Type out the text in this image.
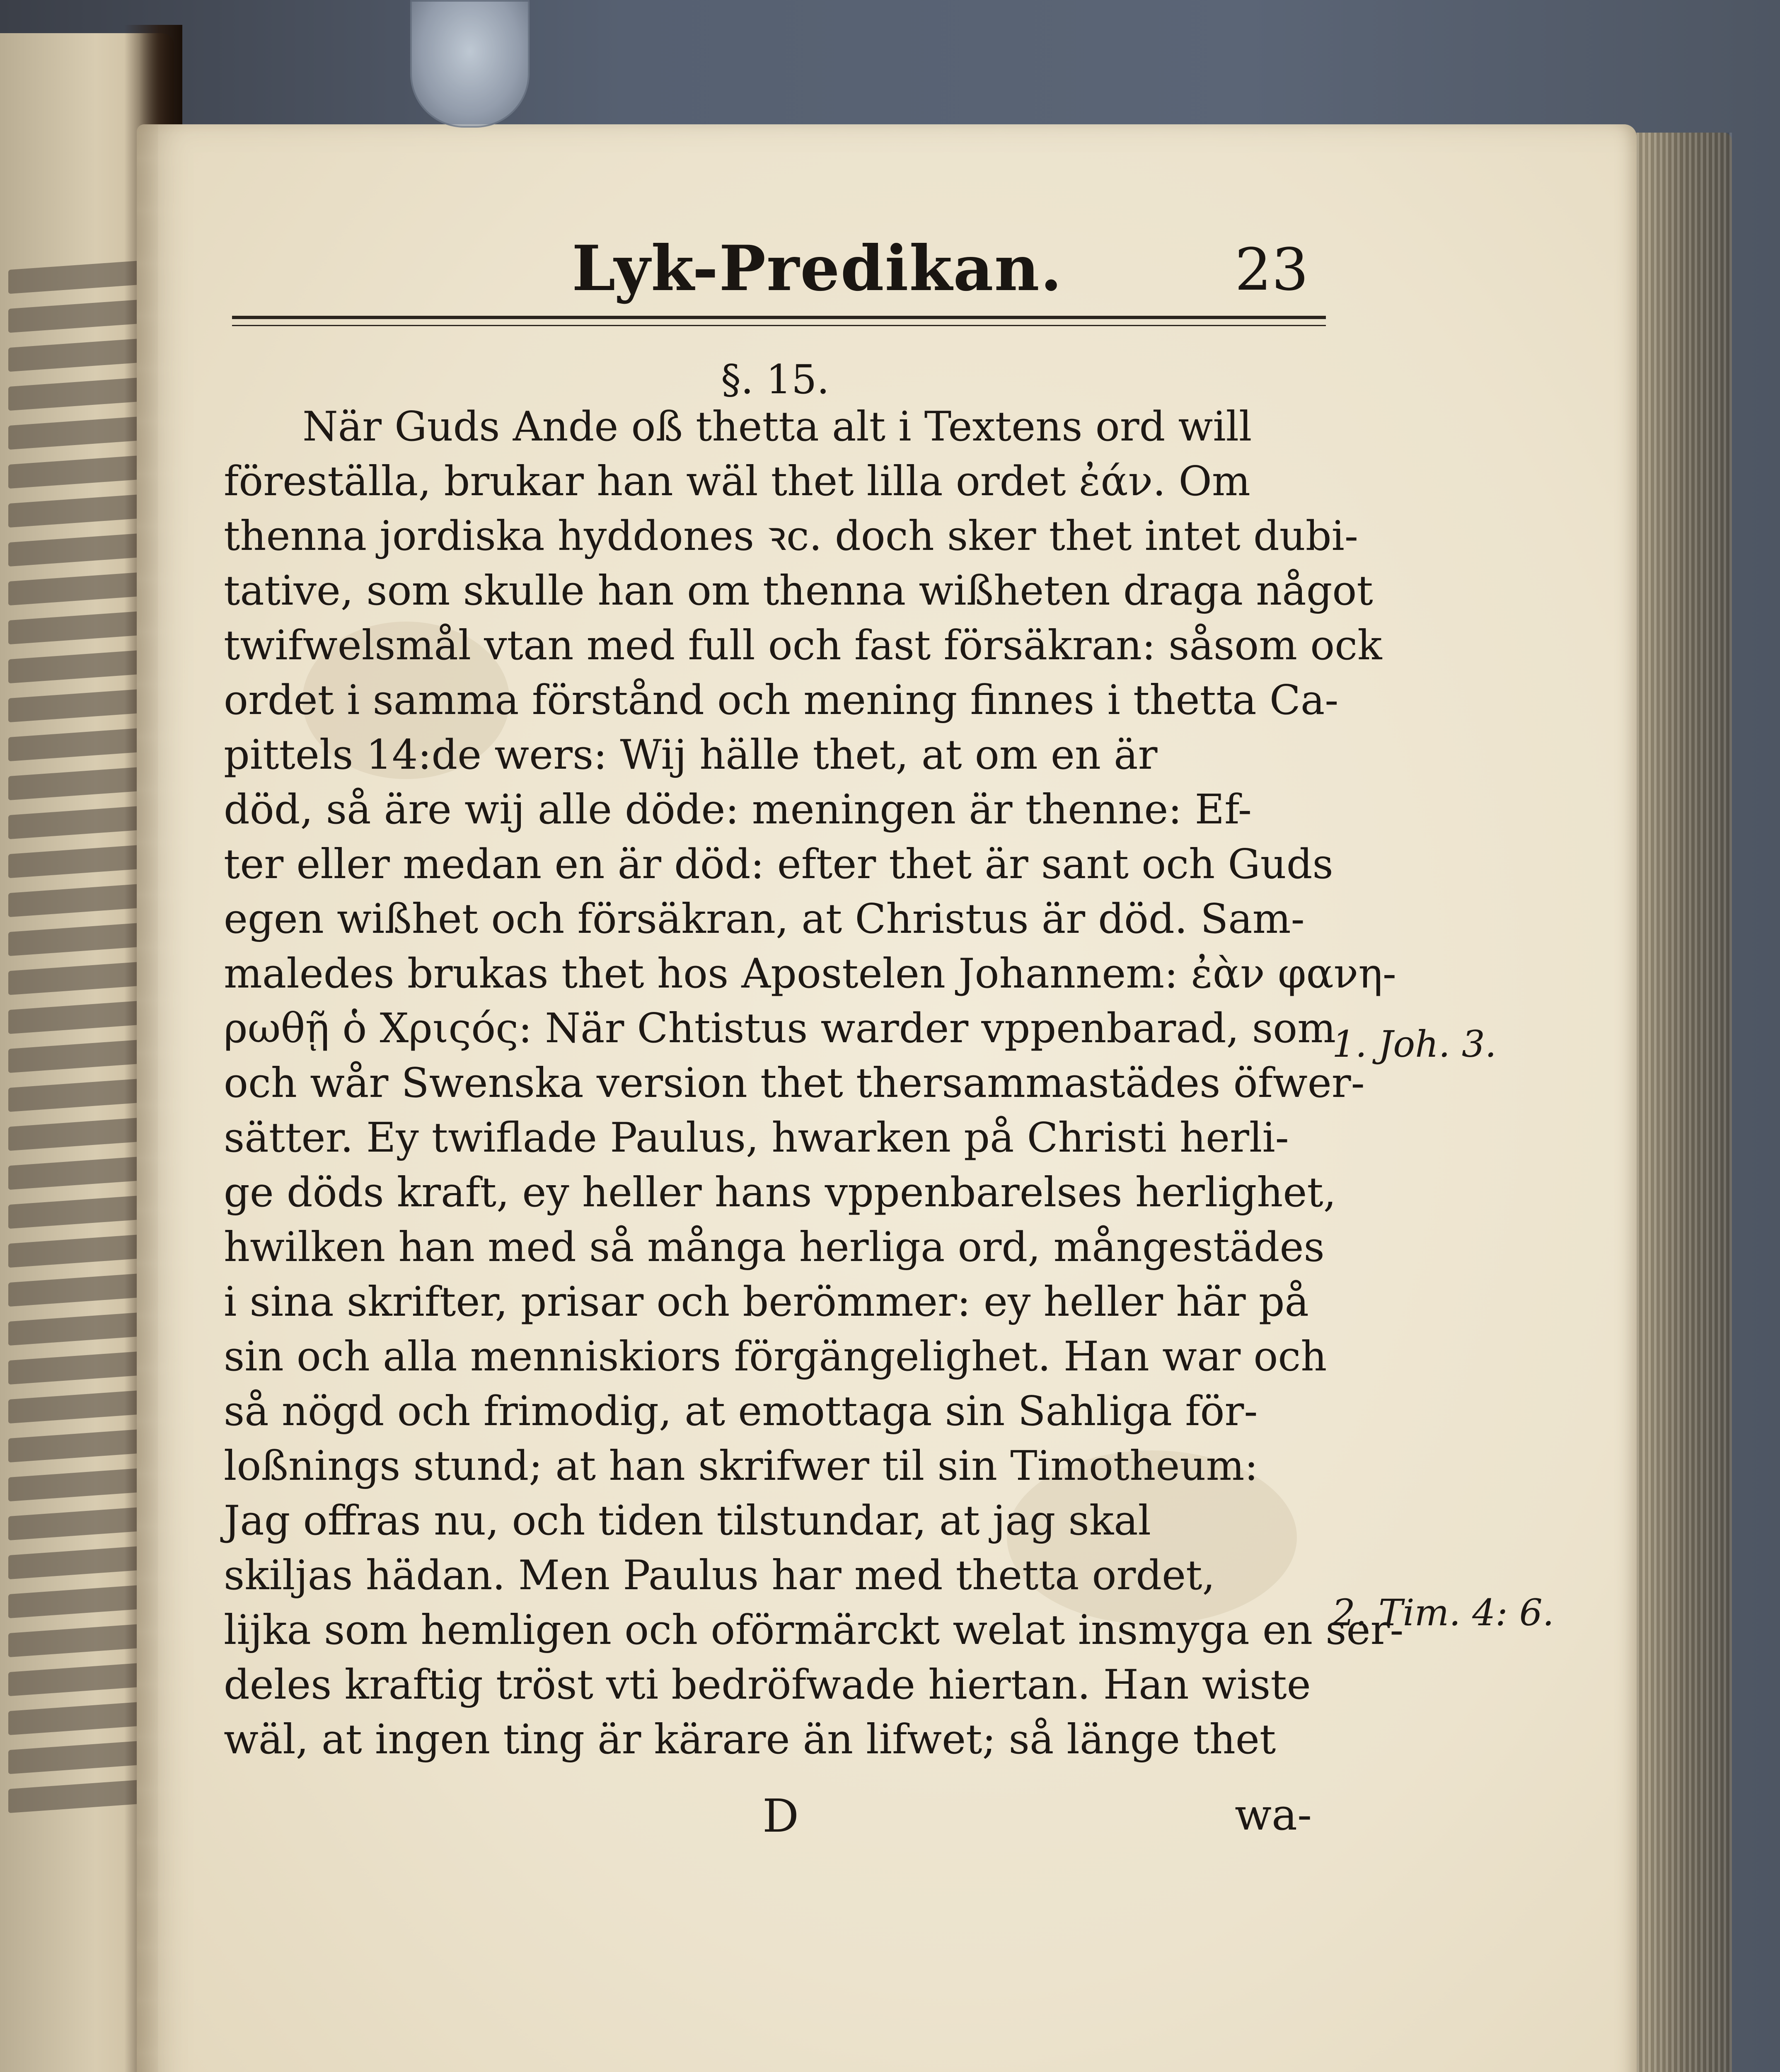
Lyk-Predikan.	23
§. 15.
När Guds Ande oß thetta alt i Textens ord will
föreställa, brukar han wäl thet lilla ordet ἐάν. Om
thenna jordiska hyddones ꝛc. doch sker thet intet dubi-
tative, som skulle han om thenna wißheten draga något
twifwelsmål vtan med full och fast försäkran: såsom ock
ordet i samma förstånd och mening finnes i thetta Ca-
pittels 14:de wers: Wij hälle thet, at om en är
död, så äre wij alle döde: meningen är thenne: Ef-
ter eller medan en är död: efter thet är sant och Guds
egen wißhet och försäkran, at Christus är död. Sam-
maledes brukas thet hos Apostelen Johannem: ἐὰν φανη-
ρωθῇ ὁ Χριςός: När Chtistus warder vppenbarad, som
och wår Swenska version thet thersammastädes öfwer-
sätter. Ey twiflade Paulus, hwarken på Christi herli-
ge döds kraft, ey heller hans vppenbarelses herlighet,
hwilken han med så många herliga ord, mångestädes
i sina skrifter, prisar och berömmer: ey heller här på
sin och alla menniskiors förgängelighet. Han war och
så nögd och frimodig, at emottaga sin Sahliga för-
loßnings stund; at han skrifwer til sin Timotheum:
Jag offras nu, och tiden tilstundar, at jag skal
skiljas hädan. Men Paulus har med thetta ordet,
lijka som hemligen och oförmärckt welat insmyga en ser-
deles kraftig tröst vti bedröfwade hiertan. Han wiste
wäl, at ingen ting är kärare än lifwet; så länge thet
1. Joh. 3.
2. Tim. 4: 6.
D	wa-
